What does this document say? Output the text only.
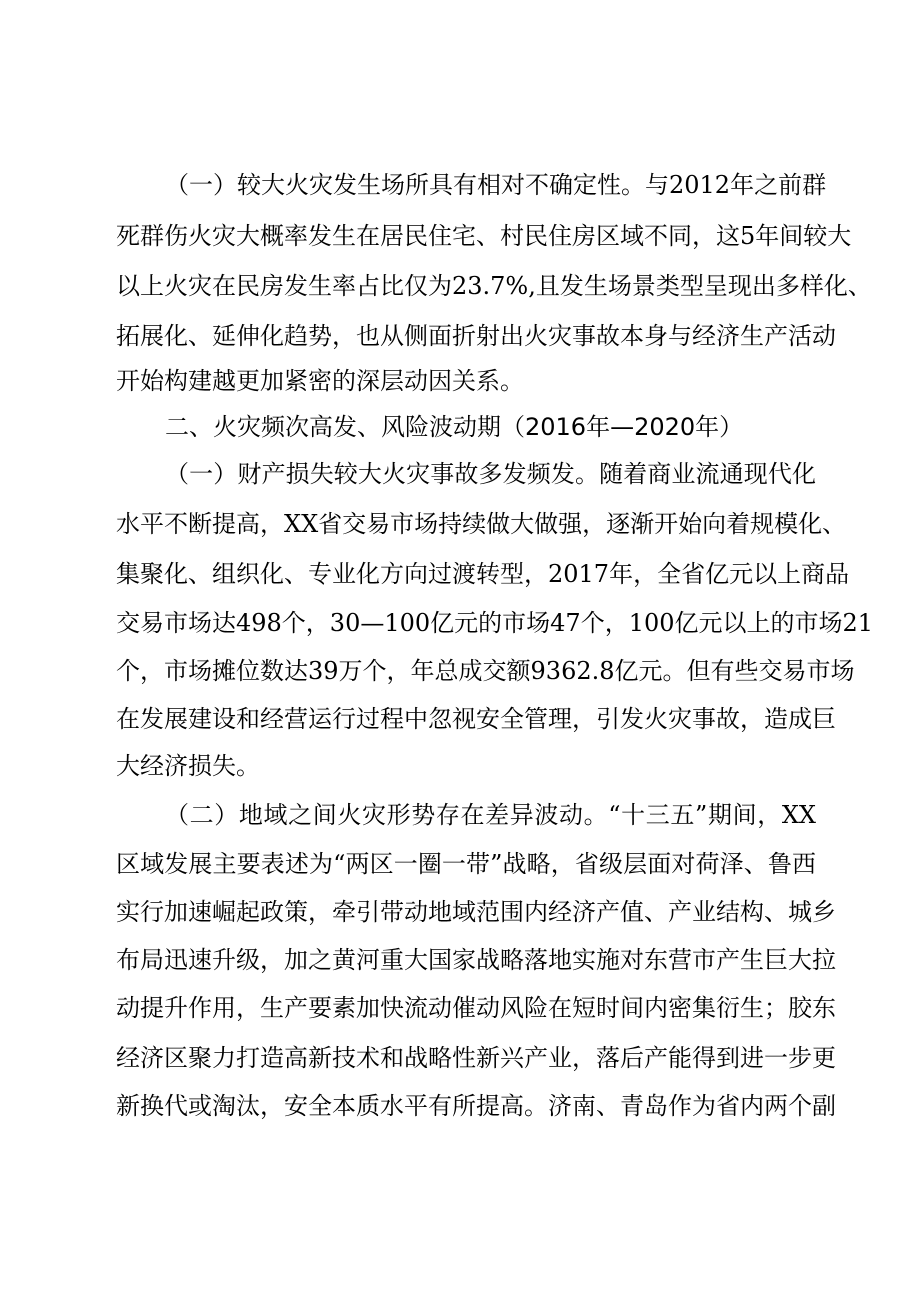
（一）较大火灾发生场所具有相对不确定性。与2012年之前群

死群伤火灾大概率发生在居民住宅、村民住房区域不同，这5年间较大

以上火灾在民房发生率占比仅为23.7%,且发生场景类型呈现出多样化、

拓展化、延伸化趋势，也从侧面折射出火灾事故本身与经济生产活动

开始构建越更加紧密的深层动因关系。

二、火灾频次高发、风险波动期（2016年—2020年）

（一）财产损失较大火灾事故多发频发。随着商业流通现代化

水平不断提高，XX省交易市场持续做大做强，逐渐开始向着规模化、

集聚化、组织化、专业化方向过渡转型，2017年，全省亿元以上商品

交易市场达498个，30—100亿元的市场47个，100亿元以上的市场21

个，市场摊位数达39万个，年总成交额9362.8亿元。但有些交易市场

在发展建设和经营运行过程中忽视安全管理，引发火灾事故，造成巨

大经济损失。

（二）地域之间火灾形势存在差异波动。“十三五”期间，XX

区域发展主要表述为“两区一圈一带”战略，省级层面对荷泽、鲁西

实行加速崛起政策，牵引带动地域范围内经济产值、产业结构、城乡

布局迅速升级，加之黄河重大国家战略落地实施对东营市产生巨大拉

动提升作用，生产要素加快流动催动风险在短时间内密集衍生；胶东

经济区聚力打造高新技术和战略性新兴产业，落后产能得到进一步更

新换代或淘汰，安全本质水平有所提高。济南、青岛作为省内两个副
